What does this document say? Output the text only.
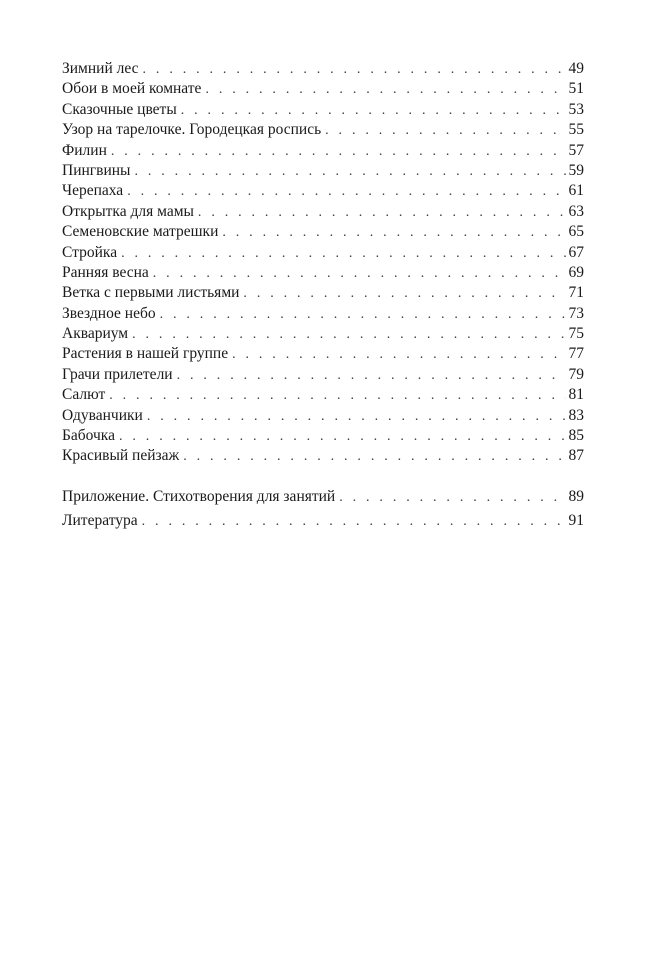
Зимний лес . . .	49
Обои в моей комнате . . .	51
Сказочные цветы . . .	53
Узор на тарелочке. Городецкая роспись . . .	55
Филин . . .	57
Пингвины . . .	59
Черепаха . . .	61
Открытка для мамы . . .	63
Семеновские матрешки . . .	65
Стройка . . .	67
Ранняя весна . . .	69
Ветка с первыми листьями . . .	71
Звездное небо . . .	73
Аквариум . . .	75
Растения в нашей группе . . .	77
Грачи прилетели . . .	79
Салют . . .	81
Одуванчики . . .	83
Бабочка . . .	85
Красивый пейзаж . . .	87
Приложение. Стихотворения для занятий . . .	89
Литература . . .	91
